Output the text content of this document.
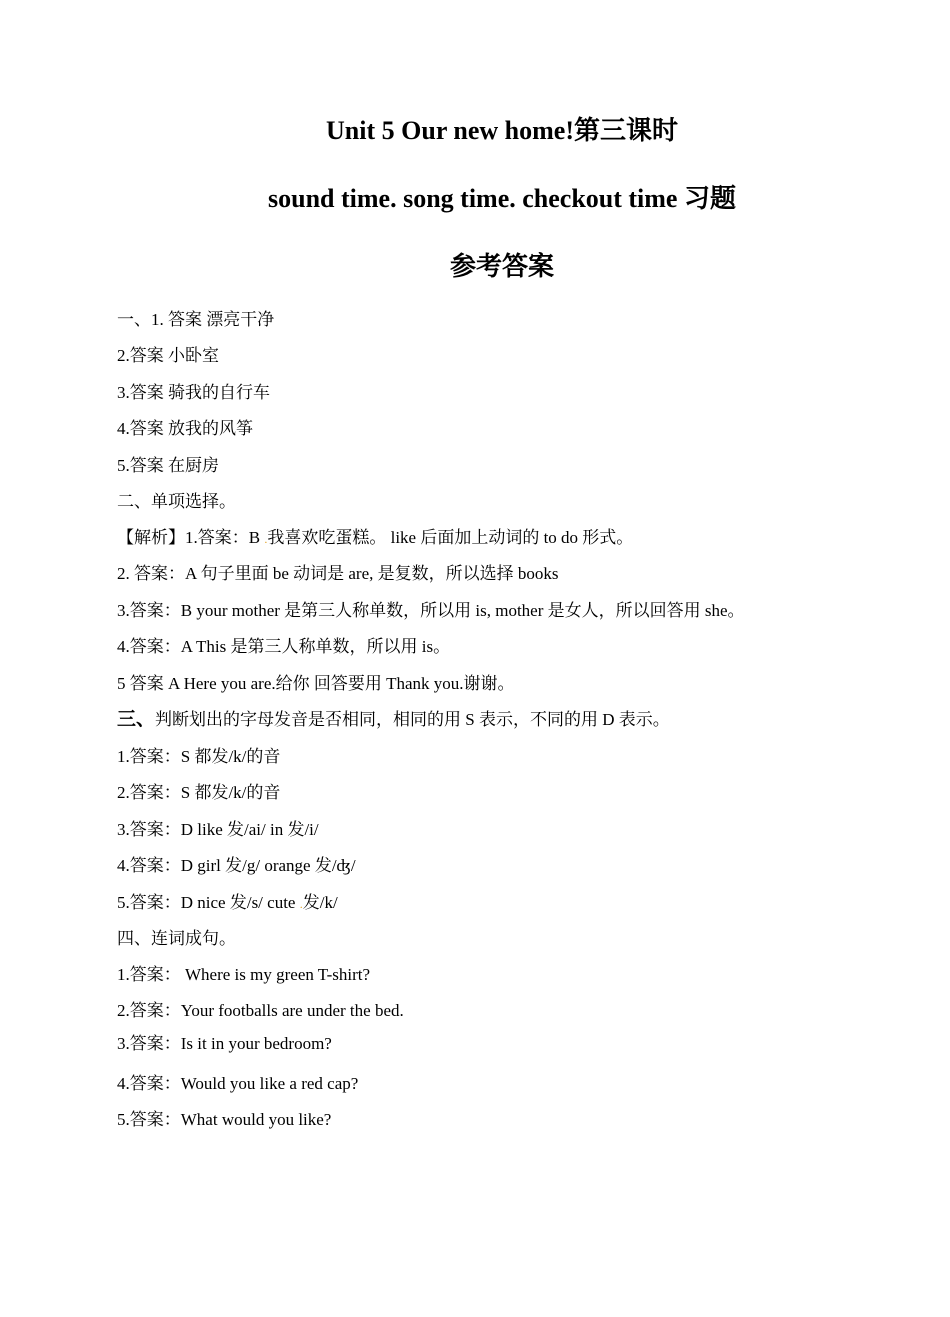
Unit 5 Our new home!第三课时
sound time. song time. checkout time 习题
参考答案
一、1. 答案 漂亮干净
2.答案 小卧室
3.答案 骑我的自行车
4.答案 放我的风筝
5.答案 在厨房
二、单项选择。
【解析】1.答案：B .我喜欢吃蛋糕。 like 后面加上动词的 to do 形式。
2. 答案：A 句子里面 be 动词是 are, 是复数，所以选择 books
3.答案：B your mother 是第三人称单数，所以用 is, mother 是女人，所以回答用 she。
4.答案：A This 是第三人称单数，所以用 is。
5 答案 A Here you are.给你 回答要用 Thank you.谢谢。
三、判断划出的字母发音是否相同，相同的用 S 表示，不同的用 D 表示。
1.答案：S 都发/k/的音
2.答案：S 都发/k/的音
3.答案：D like 发/ai/ in 发/i/
4.答案：D girl 发/g/ orange 发/ʤ/
5.答案：D nice 发/s/ cute .发/k/
四、连词成句。
1.答案： Where is my green T-shirt?
2.答案：Your footballs are under the bed.
3.答案：Is it in your bedroom?
4.答案：Would you like a red cap?
5.答案：What would you like?
